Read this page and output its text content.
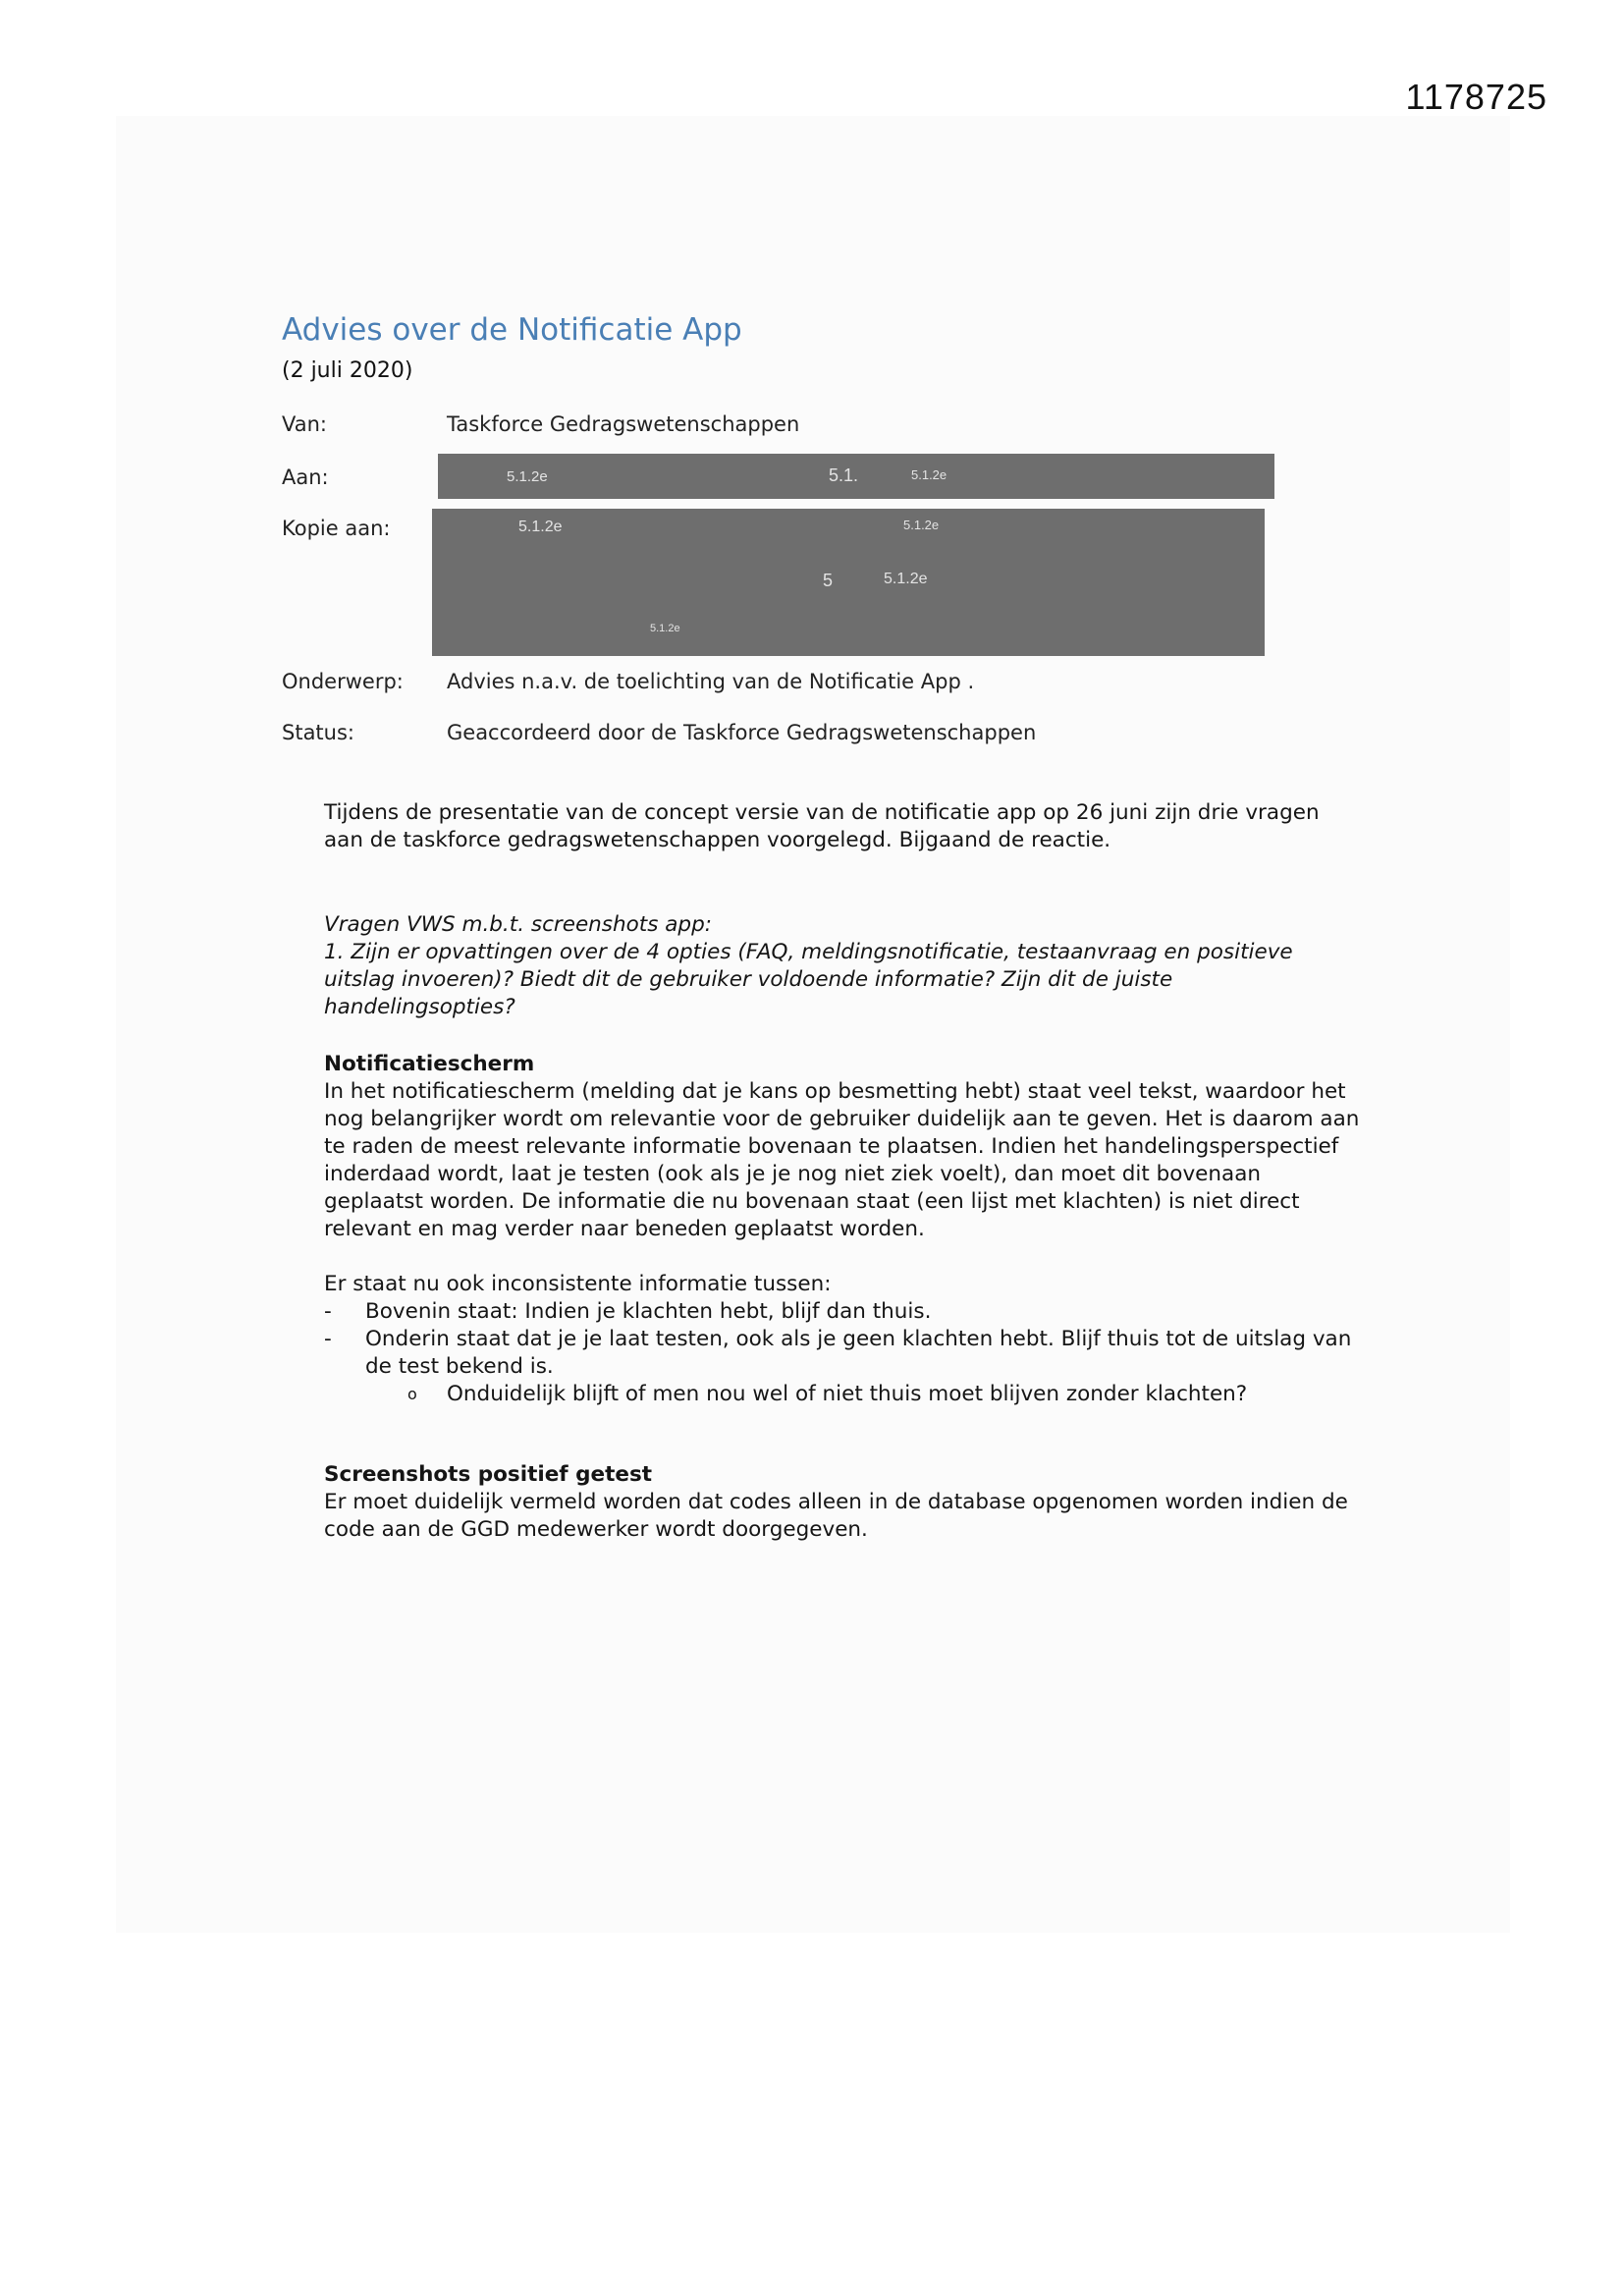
1178725
Advies over de Notificatie App
(2 juli 2020)
Van:	Taskforce Gedragswetenschappen
Aan:	5.1.2e	5.1.	5.1.2e
Kopie aan:	5.1.2e	5.1.2e
5	5.1.2e
5.1.2e
Onderwerp: Advies n.a.v. de toelichting van de Notificatie App .
Status:	Geaccordeerd door de Taskforce Gedragswetenschappen

Tijdens de presentatie van de concept versie van de notificatie app op 26 juni zijn drie vragen aan de taskforce gedragswetenschappen voorgelegd. Bijgaand de reactie.

Vragen VWS m.b.t. screenshots app:

1. Zijn er opvattingen over de 4 opties (FAQ, meldingsnotificatie, testaanvraag en positieve uitslag invoeren)? Biedt dit de gebruiker voldoende informatie? Zijn dit de juiste handelingsopties?

Notificatiescherm

In het notificatiescherm (melding dat je kans op besmetting hebt) staat veel tekst, waardoor het nog belangrijker wordt om relevantie voor de gebruiker duidelijk aan te geven. Het is daarom aan te raden de meest relevante informatie bovenaan te plaatsen. Indien het handelingsperspectief inderdaad wordt, laat je testen (ook als je je nog niet ziek voelt), dan moet dit bovenaan geplaatst worden. De informatie die nu bovenaan staat (een lijst met klachten) is niet direct relevant en mag verder naar beneden geplaatst worden.

Er staat nu ook inconsistente informatie tussen:

- Bovenin staat: Indien je klachten hebt, blijf dan thuis.
- Onderin staat dat je je laat testen, ook als je geen klachten hebt. Blijf thuis tot de uitslag van de test bekend is.
o Onduidelijk blijft of men nou wel of niet thuis moet blijven zonder klachten?

Screenshots positief getest

Er moet duidelijk vermeld worden dat codes alleen in de database opgenomen worden indien de code aan de GGD medewerker wordt doorgegeven.
